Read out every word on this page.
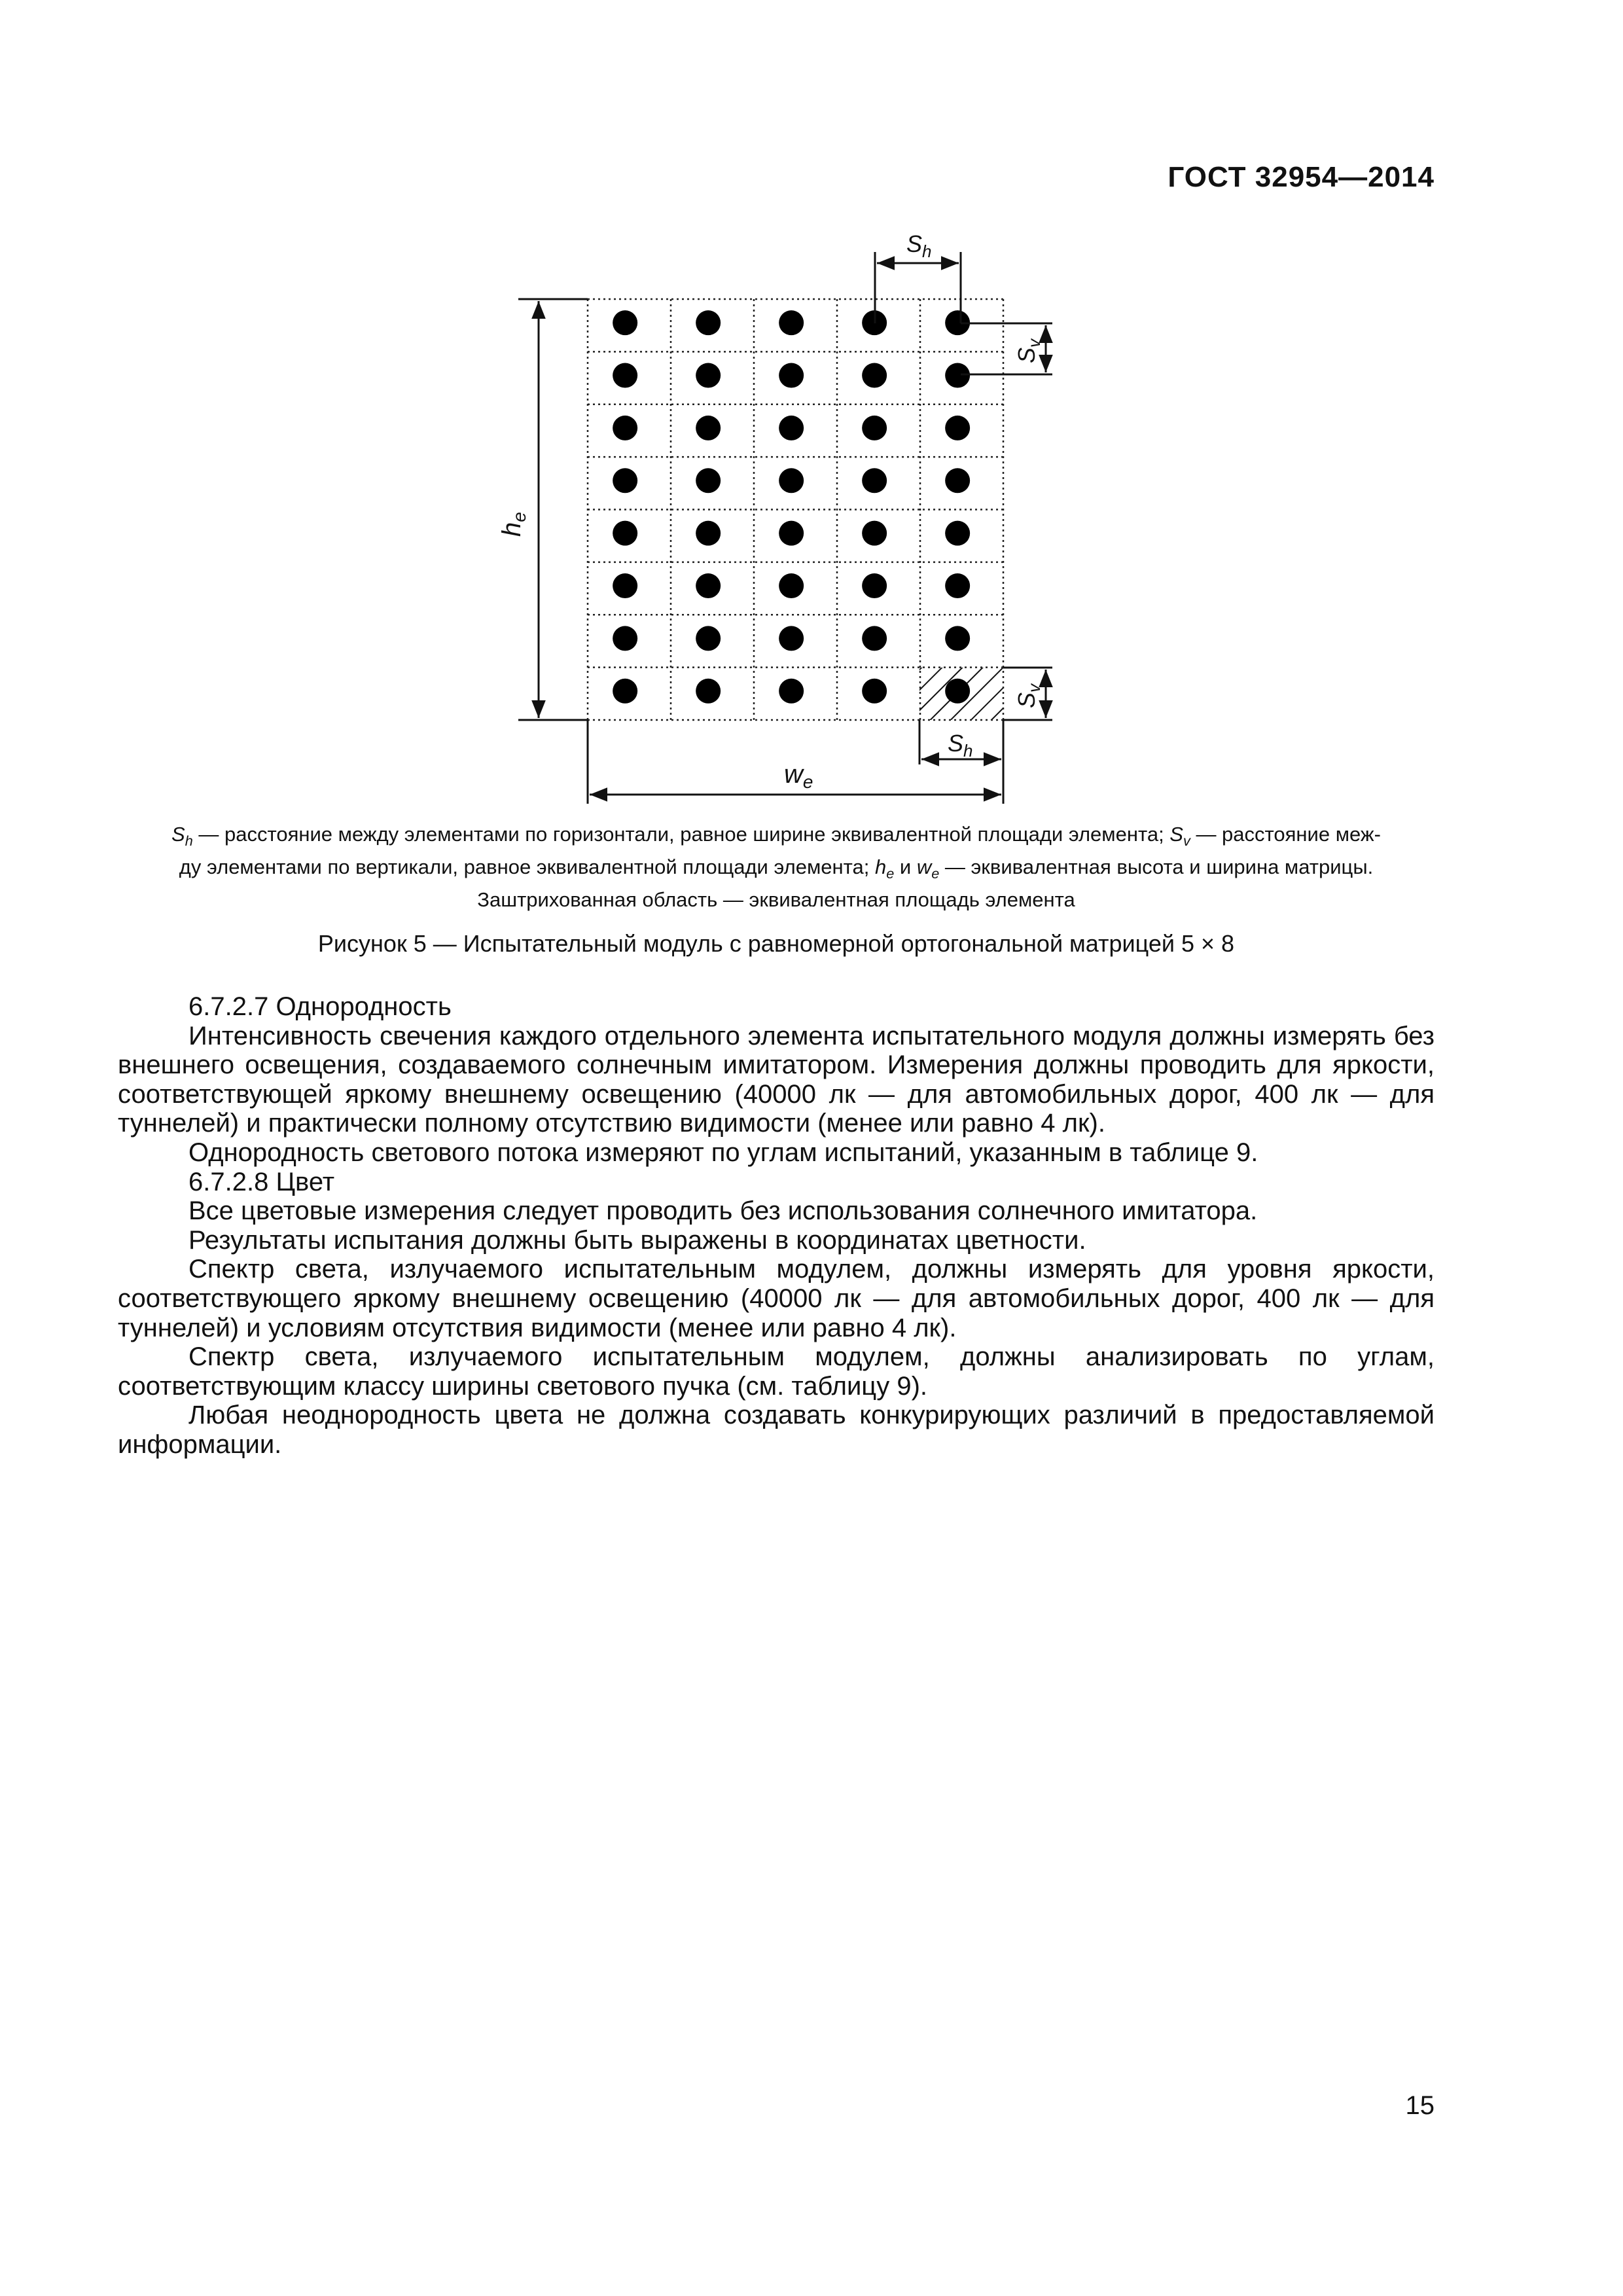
ГОСТ 32954—2014
$S_h$
$S_h$
$w_e$
$h_e$
$S_v$
$S_v$
$S_h$ — расстояние между элементами по горизонтали, равное ширине эквивалентной площади элемента; $S_v$ — расстояние меж-
ду элементами по вертикали, равное эквивалентной площади элемента; $h_e$ и $w_e$ — эквивалентная высота и ширина матрицы.
Заштрихованная область — эквивалентная площадь элемента
Рисунок 5 — Испытательный модуль с равномерной ортогональной матрицей 5 × 8

6.7.2.7 Однородность

Интенсивность свечения каждого отдельного элемента испытательного модуля должны измерять без внешнего освещения, создаваемого солнечным имитатором. Измерения должны проводить для яркости, соответствующей яркому внешнему освещению (40000 лк — для автомобильных дорог, 400 лк — для туннелей) и практически полному отсутствию видимости (менее или равно 4 лк).

Однородность светового потока измеряют по углам испытаний, указанным в таблице 9.

6.7.2.8 Цвет

Все цветовые измерения следует проводить без использования солнечного имитатора.

Результаты испытания должны быть выражены в координатах цветности.

Спектр света, излучаемого испытательным модулем, должны измерять для уровня яркости, соответствующего яркому внешнему освещению (40000 лк — для автомобильных дорог, 400 лк — для туннелей) и условиям отсутствия видимости (менее или равно 4 лк).

Спектр света, излучаемого испытательным модулем, должны анализировать по углам, соответствующим классу ширины светового пучка (см. таблицу 9).

Любая неоднородность цвета не должна создавать конкурирующих различий в предоставляемой информации.

15
